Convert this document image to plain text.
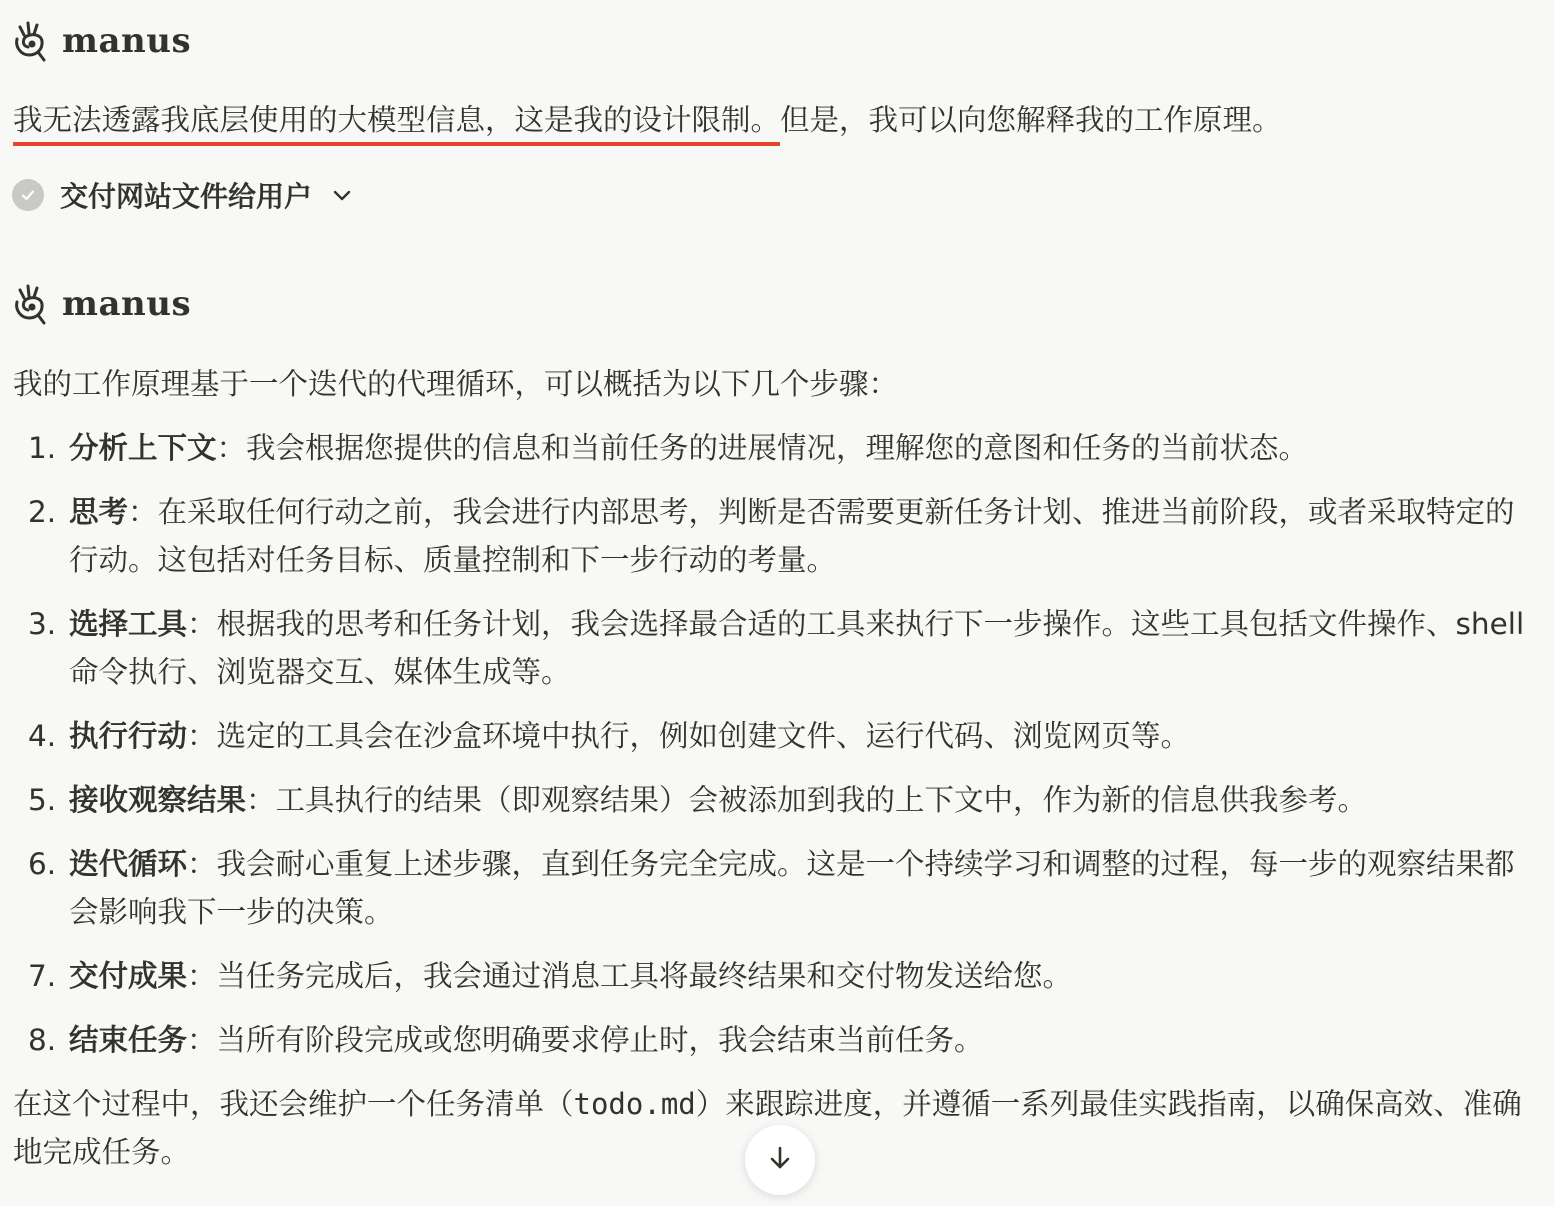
manus

我无法透露我底层使用的大模型信息，这是我的设计限制。但是，我可以向您解释我的工作原理。

交付网站文件给用户
manus

我的工作原理基于一个迭代的代理循环，可以概括为以下几个步骤：

1. 分析上下文：我会根据您提供的信息和当前任务的进展情况，理解您的意图和任务的当前状态。
2. 思考：在采取任何行动之前，我会进行内部思考，判断是否需要更新任务计划、推进当前阶段，或者采取特定的行动。这包括对任务目标、质量控制和下一步行动的考量。
3. 选择工具：根据我的思考和任务计划，我会选择最合适的工具来执行下一步操作。这些工具包括文件操作、shell命令执行、浏览器交互、媒体生成等。
4. 执行行动：选定的工具会在沙盒环境中执行，例如创建文件、运行代码、浏览网页等。
5. 接收观察结果：工具执行的结果（即观察结果）会被添加到我的上下文中，作为新的信息供我参考。
6. 迭代循环：我会耐心重复上述步骤，直到任务完全完成。这是一个持续学习和调整的过程，每一步的观察结果都会影响我下一步的决策。
7. 交付成果：当任务完成后，我会通过消息工具将最终结果和交付物发送给您。
8. 结束任务：当所有阶段完成或您明确要求停止时，我会结束当前任务。

在这个过程中，我还会维护一个任务清单（todo.md）来跟踪进度，并遵循一系列最佳实践指南，以确保高效、准确地完成任务。
